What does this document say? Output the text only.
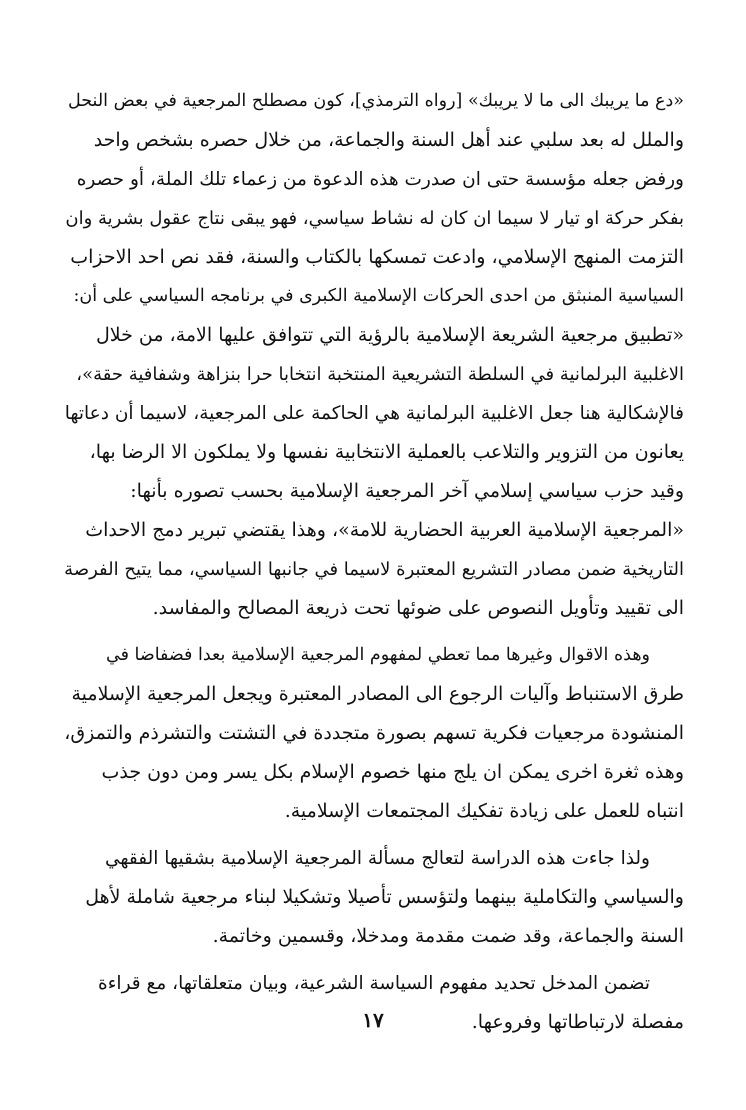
«دع ما يريبك الى ما لا يريبك» [رواه الترمذي]، كون مصطلح المرجعية في بعض النحل
والملل له بعد سلبي عند أهل السنة والجماعة، من خلال حصره بشخص واحد
ورفض جعله مؤسسة حتى ان صدرت هذه الدعوة من زعماء تلك الملة، أو حصره
بفكر حركة او تيار لا سيما ان كان له نشاط سياسي، فهو يبقى نتاج عقول بشرية وان
التزمت المنهج الإسلامي، وادعت تمسكها بالكتاب والسنة، فقد نص احد الاحزاب
السياسية المنبثق من احدى الحركات الإسلامية الكبرى في برنامجه السياسي على أن:
«تطبيق مرجعية الشريعة الإسلامية بالرؤية التي تتوافق عليها الامة، من خلال
الاغلبية البرلمانية في السلطة التشريعية المنتخبة انتخابا حرا بنزاهة وشفافية حقة»،
فالإشكالية هنا جعل الاغلبية البرلمانية هي الحاكمة على المرجعية، لاسيما أن دعاتها
يعانون من التزوير والتلاعب بالعملية الانتخابية نفسها ولا يملكون الا الرضا بها،
وقيد حزب سياسي إسلامي آخر المرجعية الإسلامية بحسب تصوره بأنها:
«المرجعية الإسلامية العربية الحضارية للامة»، وهذا يقتضي تبرير دمج الاحداث
التاريخية ضمن مصادر التشريع المعتبرة لاسيما في جانبها السياسي، مما يتيح الفرصة
الى تقييد وتأويل النصوص على ضوئها تحت ذريعة المصالح والمفاسد.
وهذه الاقوال وغيرها مما تعطي لمفهوم المرجعية الإسلامية بعدا فضفاضا في
طرق الاستنباط وآليات الرجوع الى المصادر المعتبرة ويجعل المرجعية الإسلامية
المنشودة مرجعيات فكرية تسهم بصورة متجددة في التشتت والتشرذم والتمزق،
وهذه ثغرة اخرى يمكن ان يلج منها خصوم الإسلام بكل يسر ومن دون جذب
انتباه للعمل على زيادة تفكيك المجتمعات الإسلامية.
ولذا جاءت هذه الدراسة لتعالج مسألة المرجعية الإسلامية بشقيها الفقهي
والسياسي والتكاملية بينهما ولتؤسس تأصيلا وتشكيلا لبناء مرجعية شاملة لأهل
السنة والجماعة، وقد ضمت مقدمة ومدخلا، وقسمين وخاتمة.
تضمن المدخل تحديد مفهوم السياسة الشرعية، وبيان متعلقاتها، مع قراءة
مفصلة لارتباطاتها وفروعها.
١٧
